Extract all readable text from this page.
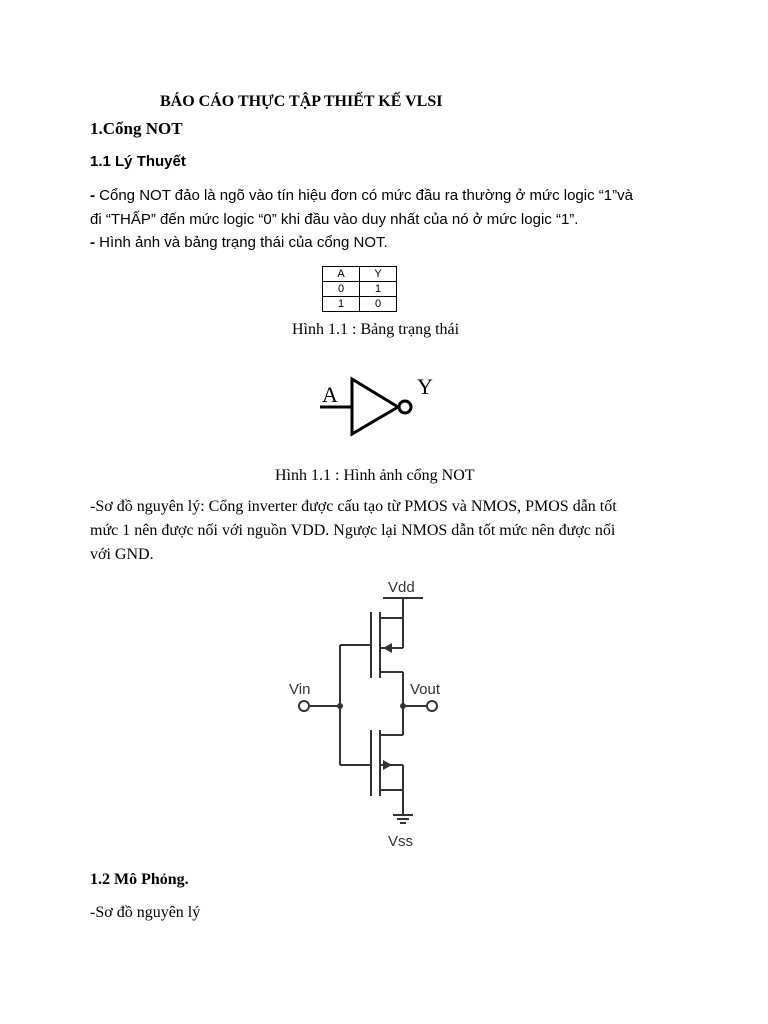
BÁO CÁO THỰC TẬP THIẾT KẾ VLSI
1.Cổng NOT
1.1 Lý Thuyết
- Cổng NOT đảo là ngõ vào tín hiệu đơn có mức đầu ra thường ở mức logic “1”và
đi “THẤP” đến mức logic “0” khi đầu vào duy nhất của nó ở mức logic “1”.
- Hình ảnh và bảng trạng thái của cổng NOT.
A	Y
0	1
1	0
Hình 1.1 : Bảng trạng thái
A	Y
Hình 1.1 : Hình ảnh cổng NOT
-Sơ đồ nguyên lý: Cổng inverter được cấu tạo từ PMOS và NMOS, PMOS dẫn tốt
mức 1 nên được nối với nguồn VDD. Ngược lại NMOS dẫn tốt mức nên được nối
với GND.
Vdd
Vin	Vout
Vss
1.2 Mô Phỏng.
-Sơ đồ nguyên lý
